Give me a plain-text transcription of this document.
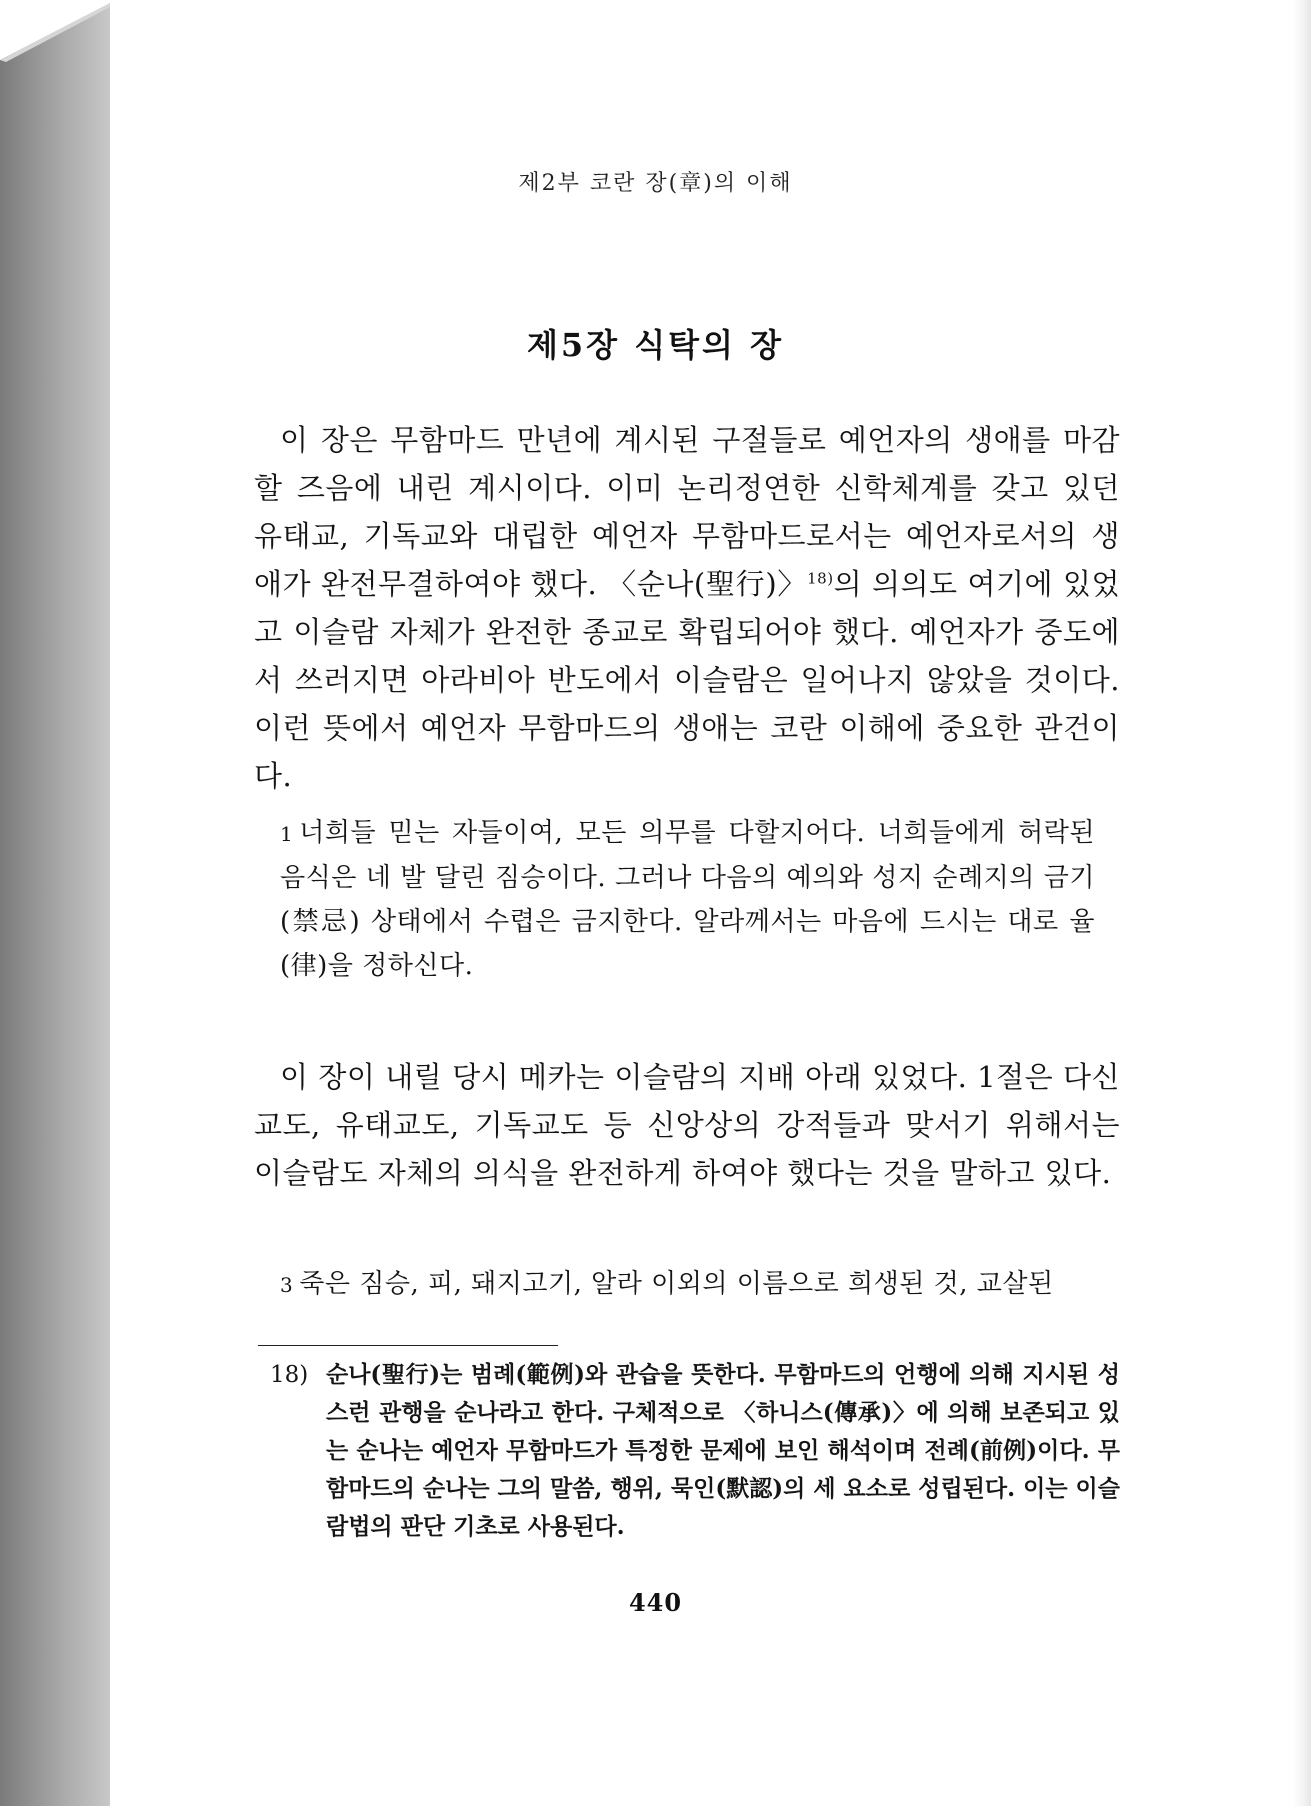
제2부 코란 장(章)의 이해
제5장 식탁의 장

이 장은 무함마드 만년에 계시된 구절들로 예언자의 생애를 마감할 즈음에 내린 계시이다. 이미 논리정연한 신학체계를 갖고 있던 유태교, 기독교와 대립한 예언자 무함마드로서는 예언자로서의 생애가 완전무결하여야 했다. 〈순나(聖行)〉$^{18)}$의 의의도 여기에 있었고 이슬람 자체가 완전한 종교로 확립되어야 했다. 예언자가 중도에서 쓰러지면 아라비아 반도에서 이슬람은 일어나지 않았을 것이다. 이런 뜻에서 예언자 무함마드의 생애는 코란 이해에 중요한 관건이다.

1 너희들 믿는 자들이여, 모든 의무를 다할지어다. 너희들에게 허락된 음식은 네 발 달린 짐승이다. 그러나 다음의 예의와 성지 순례지의 금기(禁忌) 상태에서 수렵은 금지한다. 알라께서는 마음에 드시는 대로 율(律)을 정하신다.

이 장이 내릴 당시 메카는 이슬람의 지배 아래 있었다. 1절은 다신교도, 유태교도, 기독교도 등 신앙상의 강적들과 맞서기 위해서는 이슬람도 자체의 의식을 완전하게 하여야 했다는 것을 말하고 있다.

3 죽은 짐승, 피, 돼지고기, 알라 이외의 이름으로 희생된 것, 교살된

18) 순나(聖行)는 범례(範例)와 관습을 뜻한다. 무함마드의 언행에 의해 지시된 성스런 관행을 순나라고 한다. 구체적으로 〈하니스(傳承)〉에 의해 보존되고 있는 순나는 예언자 무함마드가 특정한 문제에 보인 해석이며 전례(前例)이다. 무함마드의 순나는 그의 말씀, 행위, 묵인(默認)의 세 요소로 성립된다. 이는 이슬람법의 판단 기초로 사용된다.
440
